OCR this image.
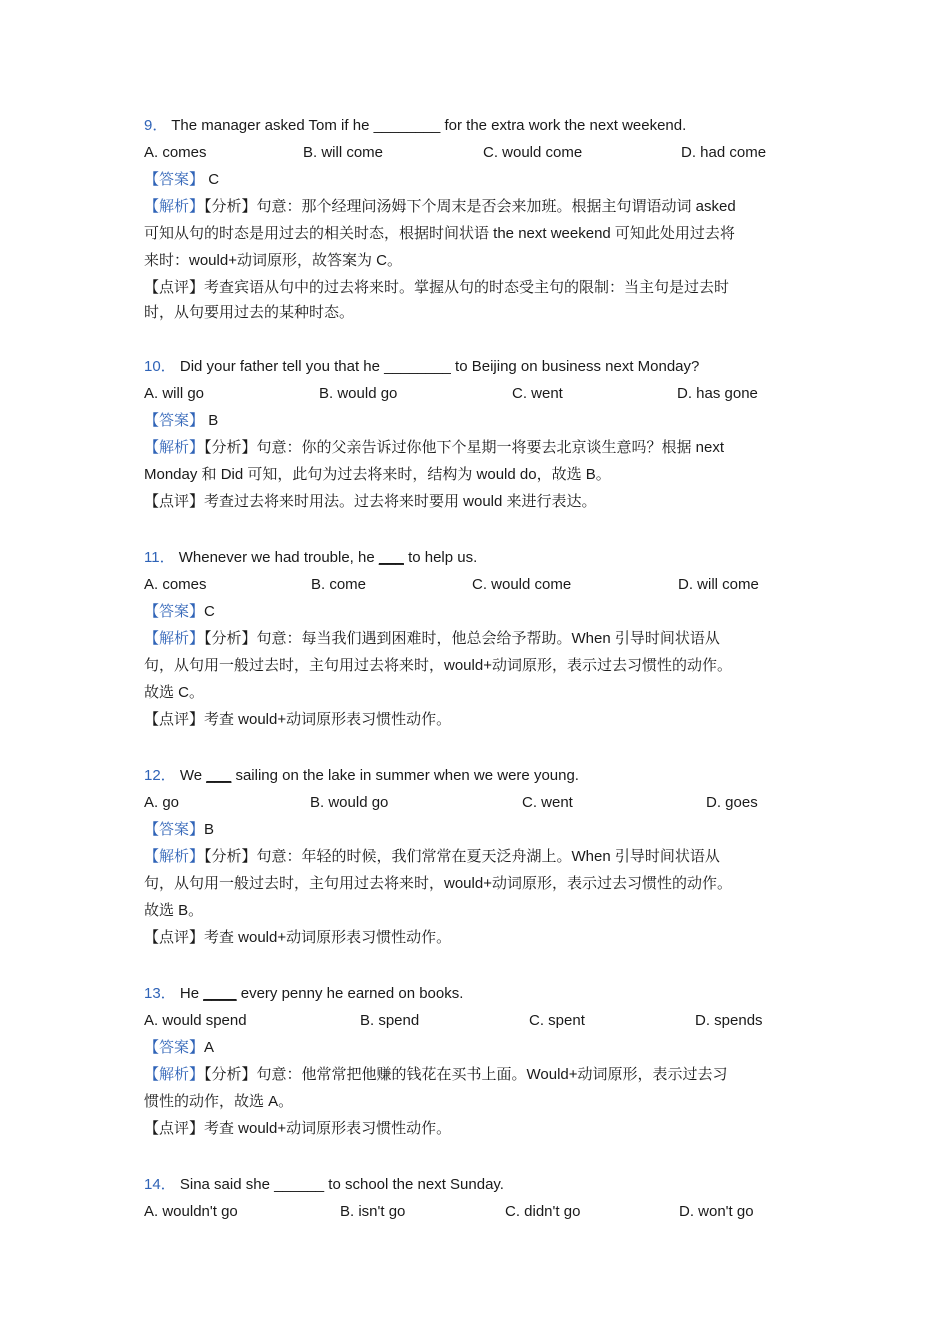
9． The manager asked Tom if he ________ for the extra work the next weekend.
A. comes	B. will come	C. would come	D. had come
【答案】 C
【解析】【分析】句意：那个经理问汤姆下个周末是否会来加班。根据主句谓语动词 asked
可知从句的时态是用过去的相关时态，根据时间状语 the next weekend 可知此处用过去将
来时：would+动词原形，故答案为 C。
【点评】考查宾语从句中的过去将来时。掌握从句的时态受主句的限制：当主句是过去时
时，从句要用过去的某种时态。
10． Did your father tell you that he ________ to Beijing on business next Monday?
A. will go	B. would go	C. went	D. has gone
【答案】 B
【解析】【分析】句意：你的父亲告诉过你他下个星期一将要去北京谈生意吗？根据 next
Monday 和 Did 可知，此句为过去将来时，结构为 would do，故选 B。
【点评】考查过去将来时用法。过去将来时要用 would 来进行表达。
11． Whenever we had trouble, he ___ to help us.
A. comes	B. come	C. would come	D. will come
【答案】C
【解析】【分析】句意：每当我们遇到困难时，他总会给予帮助。When 引导时间状语从
句，从句用一般过去时，主句用过去将来时，would+动词原形，表示过去习惯性的动作。
故选 C。
【点评】考查 would+动词原形表习惯性动作。
12． We ___ sailing on the lake in summer when we were young.
A. go	B. would go	C. went	D. goes
【答案】B
【解析】【分析】句意：年轻的时候，我们常常在夏天泛舟湖上。When 引导时间状语从
句，从句用一般过去时，主句用过去将来时，would+动词原形，表示过去习惯性的动作。
故选 B。
【点评】考查 would+动词原形表习惯性动作。
13． He ____ every penny he earned on books.
A. would spend	B. spend	C. spent	D. spends
【答案】A
【解析】【分析】句意：他常常把他赚的钱花在买书上面。Would+动词原形，表示过去习
惯性的动作，故选 A。
【点评】考查 would+动词原形表习惯性动作。
14． Sina said she ______ to school the next Sunday.
A. wouldn't go	B. isn't go	C. didn't go	D. won't go
